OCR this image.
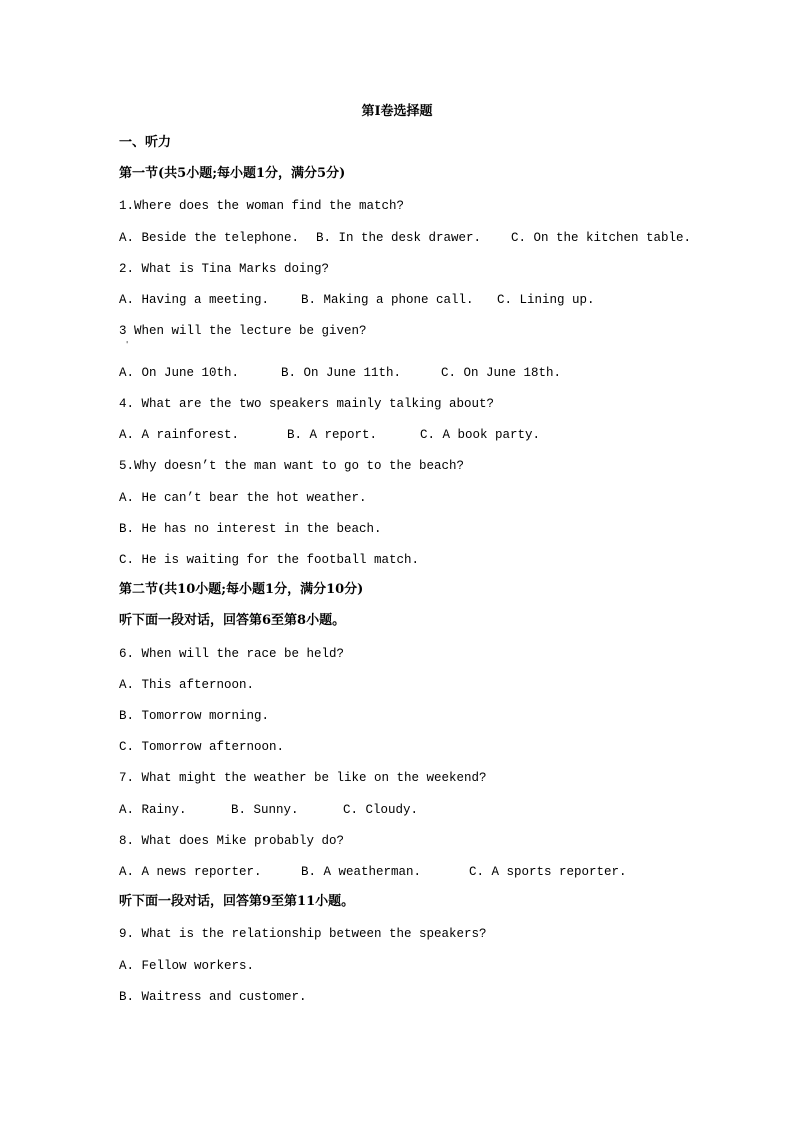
第Ⅰ卷选择题
一、听力
第一节(共5小题;每小题1分，满分5分)
1.Where does the woman find the match?
A. Beside the telephone. B. In the desk drawer. C. On the kitchen table.
2. What is Tina Marks doing?
A. Having a meeting.	B. Making a phone call. C. Lining up.
3 When will the lecture be given?
'
A. On June 10th.	B. On June 11th.	C. On June 18th.
4. What are the two speakers mainly talking about?
A. A rainforest.	B. A report.	C. A book party.
5.Why doesn’t the man want to go to the beach?
A. He can’t bear the hot weather.
B. He has no interest in the beach.
C. He is waiting for the football match.
第二节(共10小题;每小题1分，满分10分)
听下面一段对话，回答第6至第8小题。
6. When will the race be held?
A. This afternoon.
B. Tomorrow morning.
C. Tomorrow afternoon.
7. What might the weather be like on the weekend?
A. Rainy.	B. Sunny.	C. Cloudy.
8. What does Mike probably do?
A. A news reporter.	B. A weatherman.	C. A sports reporter.
听下面一段对话，回答第9至第11小题。
9. What is the relationship between the speakers?
A. Fellow workers.
B. Waitress and customer.
